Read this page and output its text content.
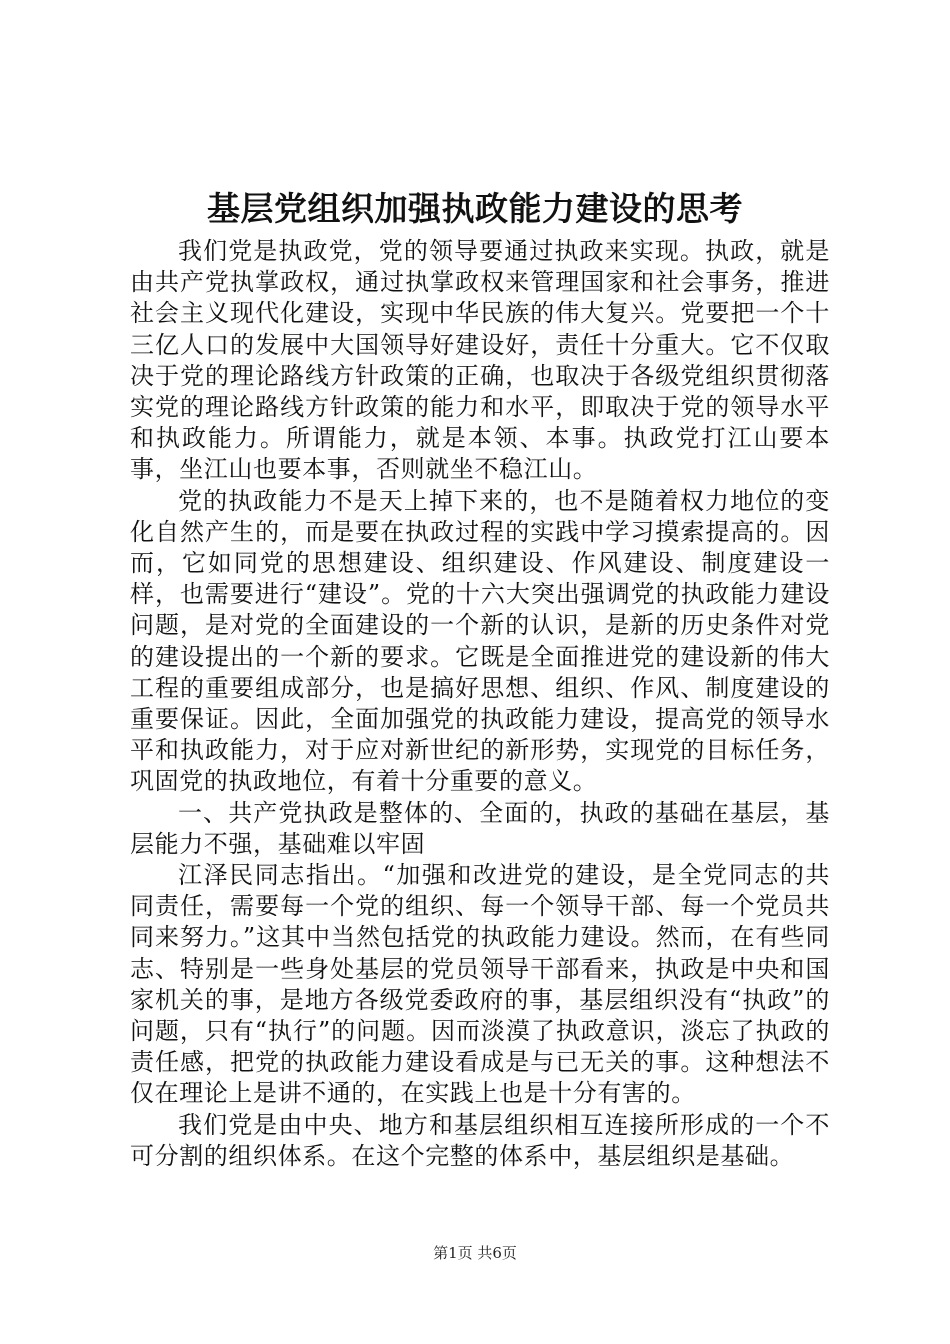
基层党组织加强执政能力建设的思考

我们党是执政党，党的领导要通过执政来实现。执政，就是由共产党执掌政权，通过执掌政权来管理国家和社会事务，推进社会主义现代化建设，实现中华民族的伟大复兴。党要把一个十三亿人口的发展中大国领导好建设好，责任十分重大。它不仅取决于党的理论路线方针政策的正确，也取决于各级党组织贯彻落实党的理论路线方针政策的能力和水平，即取决于党的领导水平和执政能力。所谓能力，就是本领、本事。执政党打江山要本事，坐江山也要本事，否则就坐不稳江山。

党的执政能力不是天上掉下来的，也不是随着权力地位的变化自然产生的，而是要在执政过程的实践中学习摸索提高的。因而，它如同党的思想建设、组织建设、作风建设、制度建设一样，也需要进行“建设”。党的十六大突出强调党的执政能力建设问题，是对党的全面建设的一个新的认识，是新的历史条件对党的建设提出的一个新的要求。它既是全面推进党的建设新的伟大工程的重要组成部分，也是搞好思想、组织、作风、制度建设的重要保证。因此，全面加强党的执政能力建设，提高党的领导水平和执政能力，对于应对新世纪的新形势，实现党的目标任务，巩固党的执政地位，有着十分重要的意义。

一、共产党执政是整体的、全面的，执政的基础在基层，基层能力不强，基础难以牢固

江泽民同志指出。“加强和改进党的建设，是全党同志的共同责任，需要每一个党的组织、每一个领导干部、每一个党员共同来努力。”这其中当然包括党的执政能力建设。然而，在有些同志、特别是一些身处基层的党员领导干部看来，执政是中央和国家机关的事，是地方各级党委政府的事，基层组织没有“执政”的问题，只有“执行”的问题。因而淡漠了执政意识，淡忘了执政的责任感，把党的执政能力建设看成是与已无关的事。这种想法不仅在理论上是讲不通的，在实践上也是十分有害的。

我们党是由中央、地方和基层组织相互连接所形成的一个不可分割的组织体系。在这个完整的体系中，基层组织是基础。

第1页 共6页
